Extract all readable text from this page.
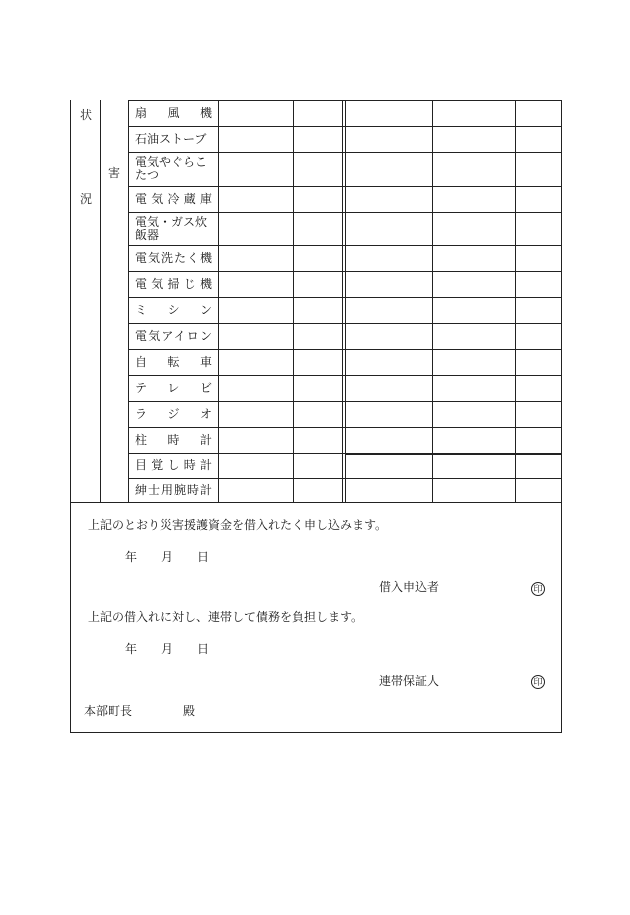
状
況
害
扇風機
石油ストーブ
電気やぐらこたつ
電気冷蔵庫
電気・ガス炊飯器
電気洗たく機
電気掃じ機
ミシン
電気アイロン
自転車
テレビ
ラジオ
柱時計
目覚し時計
紳士用腕時計
上記のとおり災害援護資金を借入れたく申し込みます。
年 月 日
借入申込者	印
上記の借入れに対し、連帯して債務を負担します。
年 月 日
連帯保証人	印
本部町長	殿
